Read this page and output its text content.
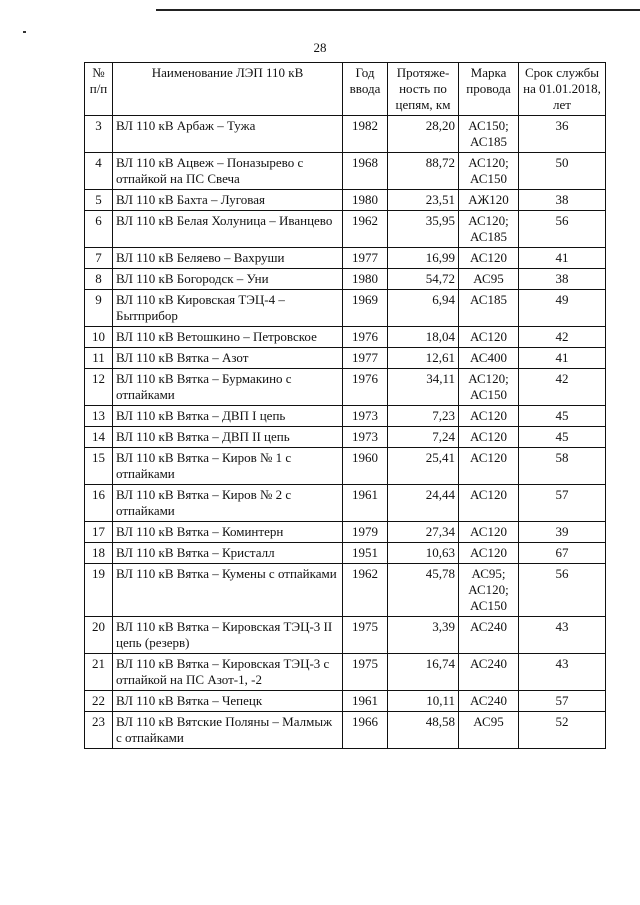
28
№ п/п	Наименование ЛЭП 110 кВ	Год ввода	Протяже-ность по цепям, км	Марка провода	Срок службы на 01.01.2018, лет
3	ВЛ 110 кВ Арбаж – Тужа	1982	28,20	АС150; АС185	36
4	ВЛ 110 кВ Ацвеж – Поназырево с отпайкой на ПС Свеча	1968	88,72	АС120; АС150	50
5	ВЛ 110 кВ Бахта – Луговая	1980	23,51	АЖ120	38
6	ВЛ 110 кВ Белая Холуница – Иванцево	1962	35,95	АС120; АС185	56
7	ВЛ 110 кВ Беляево – Вахруши	1977	16,99	АС120	41
8	ВЛ 110 кВ Богородск – Уни	1980	54,72	АС95	38
9	ВЛ 110 кВ Кировская ТЭЦ-4 – Бытприбор	1969	6,94	АС185	49
10	ВЛ 110 кВ Ветошкино – Петровское	1976	18,04	АС120	42
11	ВЛ 110 кВ Вятка – Азот	1977	12,61	АС400	41
12	ВЛ 110 кВ Вятка – Бурмакино с отпайками	1976	34,11	АС120; АС150	42
13	ВЛ 110 кВ Вятка – ДВП I цепь	1973	7,23	АС120	45
14	ВЛ 110 кВ Вятка – ДВП II цепь	1973	7,24	АС120	45
15	ВЛ 110 кВ Вятка – Киров № 1 с отпайками	1960	25,41	АС120	58
16	ВЛ 110 кВ Вятка – Киров № 2 с отпайками	1961	24,44	АС120	57
17	ВЛ 110 кВ Вятка – Коминтерн	1979	27,34	АС120	39
18	ВЛ 110 кВ Вятка – Кристалл	1951	10,63	АС120	67
19	ВЛ 110 кВ Вятка – Кумены с отпайками	1962	45,78	АС95; АС120; АС150	56
20	ВЛ 110 кВ Вятка – Кировская ТЭЦ-3 II цепь (резерв)	1975	3,39	АС240	43
21	ВЛ 110 кВ Вятка – Кировская ТЭЦ-3 с отпайкой на ПС Азот-1, -2	1975	16,74	АС240	43
22	ВЛ 110 кВ Вятка – Чепецк	1961	10,11	АС240	57
23	ВЛ 110 кВ Вятские Поляны – Малмыж с отпайками	1966	48,58	АС95	52
